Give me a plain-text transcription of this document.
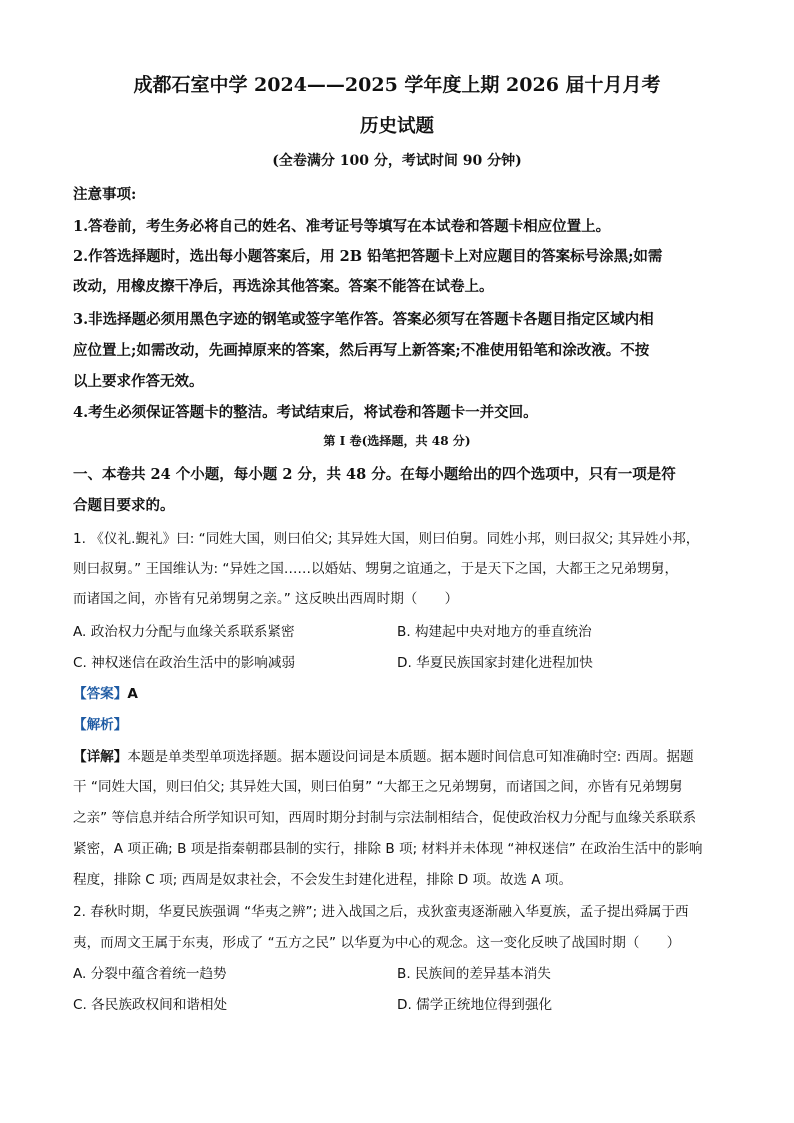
成都石室中学 2024——2025 学年度上期 2026 届十月月考
历史试题
(全卷满分 100 分，考试时间 90 分钟)
注意事项:
1.答卷前，考生务必将自己的姓名、准考证号等填写在本试卷和答题卡相应位置上。
2.作答选择题时，选出每小题答案后，用 2B 铅笔把答题卡上对应题目的答案标号涂黑;如需
改动，用橡皮擦干净后，再选涂其他答案。答案不能答在试卷上。
3.非选择题必须用黑色字迹的钢笔或签字笔作答。答案必须写在答题卡各题目指定区域内相
应位置上;如需改动，先画掉原来的答案，然后再写上新答案;不准使用铅笔和涂改液。不按
以上要求作答无效。
4.考生必须保证答题卡的整洁。考试结束后，将试卷和答题卡一并交回。
第 I 卷(选择题，共 48 分)
一、本卷共 24 个小题，每小题 2 分，共 48 分。在每小题给出的四个选项中，只有一项是符
合题目要求的。
1. 《仪礼.覲礼》曰: “同姓大国，则曰伯父; 其异姓大国，则曰伯舅。同姓小邦，则曰叔父; 其异姓小邦，
则曰叔舅。” 王国维认为: “异姓之国……以婚姑、甥舅之谊通之，于是天下之国，大都王之兄弟甥舅，
而诸国之间，亦皆有兄弟甥舅之亲。” 这反映出西周时期（　　）
A. 政治权力分配与血缘关系联系紧密	B. 构建起中央对地方的垂直统治
C. 神权迷信在政治生活中的影响减弱	D. 华夏民族国家封建化进程加快
【答案】A
【解析】
【详解】本题是单类型单项选择题。据本题设问词是本质题。据本题时间信息可知准确时空: 西周。据题
干 “同姓大国，则曰伯父; 其异姓大国，则曰伯舅” “大都王之兄弟甥舅，而诸国之间，亦皆有兄弟甥舅
之亲” 等信息并结合所学知识可知，西周时期分封制与宗法制相结合，促使政治权力分配与血缘关系联系
紧密，A 项正确; B 项是指秦朝郡县制的实行，排除 B 项; 材料并未体现 “神权迷信” 在政治生活中的影响
程度，排除 C 项; 西周是奴隶社会，不会发生封建化进程，排除 D 项。故选 A 项。
2. 春秋时期，华夏民族强调 “华夷之辨”; 进入战国之后，戎狄蛮夷逐渐融入华夏族，孟子提出舜属于西
夷，而周文王属于东夷，形成了 “五方之民” 以华夏为中心的观念。这一变化反映了战国时期（　　）
A. 分裂中蕴含着统一趋势	B. 民族间的差异基本消失
C. 各民族政权间和谐相处	D. 儒学正统地位得到强化
